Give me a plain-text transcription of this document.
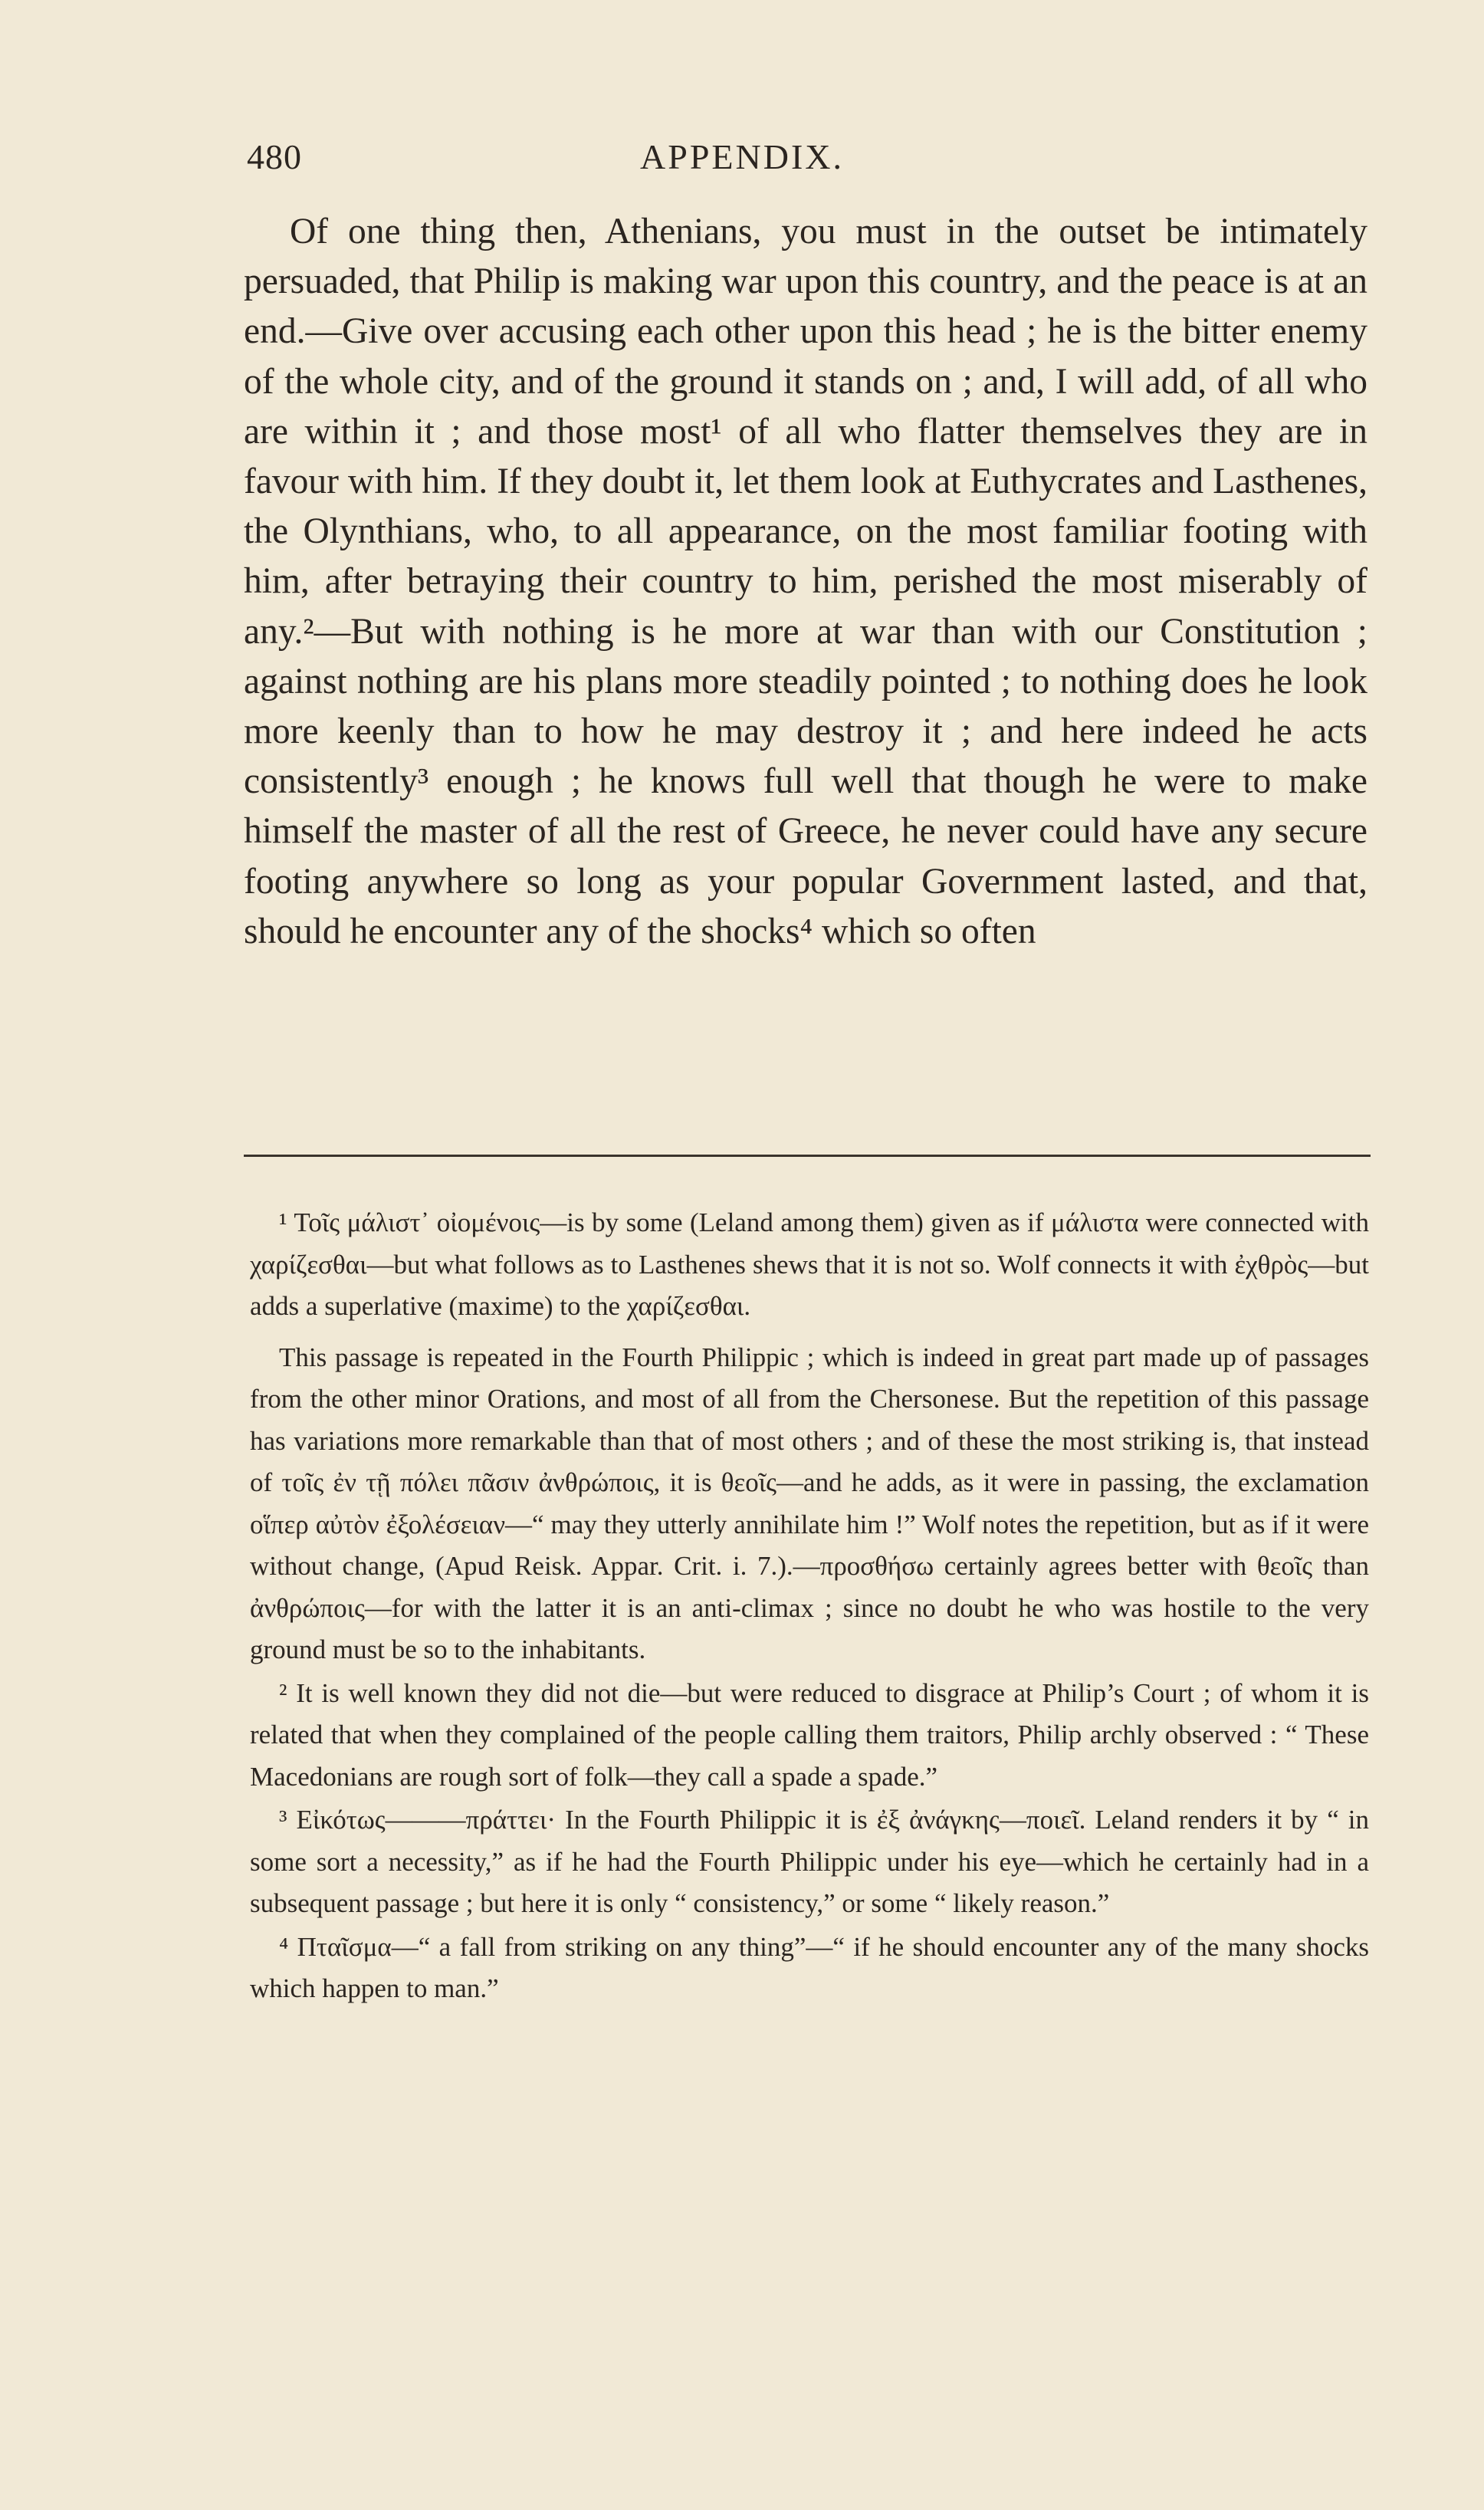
480	APPENDIX.

Of one thing then, Athenians, you must in the outset be intimately persuaded, that Philip is making war upon this country, and the peace is at an end.—Give over accusing each other upon this head ; he is the bitter enemy of the whole city, and of the ground it stands on ; and, I will add, of all who are within it ; and those most¹ of all who flatter themselves they are in favour with him. If they doubt it, let them look at Euthycrates and Lasthenes, the Olynthians, who, to all appearance, on the most familiar footing with him, after betraying their country to him, perished the most miserably of any.²—But with nothing is he more at war than with our Constitution ; against nothing are his plans more steadily pointed ; to nothing does he look more keenly than to how he may destroy it ; and here indeed he acts consistently³ enough ; he knows full well that though he were to make himself the master of all the rest of Greece, he never could have any secure footing anywhere so long as your popular Government lasted, and that, should he encounter any of the shocks⁴ which so often

¹ Τοῖς μάλιστ᾽ οἰομένοις—is by some (Leland among them) given as if μάλιστα were connected with χαρίζεσθαι—but what follows as to Lasthenes shews that it is not so. Wolf connects it with ἐχθρὸς—but adds a superlative (maxime) to the χαρίζεσθαι.

This passage is repeated in the Fourth Philippic ; which is indeed in great part made up of passages from the other minor Orations, and most of all from the Chersonese. But the repetition of this passage has variations more remarkable than that of most others ; and of these the most striking is, that instead of τοῖς ἐν τῇ πόλει πᾶσιν ἀνθρώποις, it is θεοῖς—and he adds, as it were in passing, the exclamation οἵπερ αὐτὸν ἐξολέσειαν—“ may they utterly annihilate him !” Wolf notes the repetition, but as if it were without change, (Apud Reisk. Appar. Crit. i. 7.).—προσθήσω certainly agrees better with θεοῖς than ἀνθρώποις—for with the latter it is an anti-climax ; since no doubt he who was hostile to the very ground must be so to the inhabitants.

² It is well known they did not die—but were reduced to disgrace at Philip’s Court ; of whom it is related that when they complained of the people calling them traitors, Philip archly observed : “ These Macedonians are rough sort of folk—they call a spade a spade.”

³ Εἰκότως———πράττει· In the Fourth Philippic it is ἐξ ἀνάγκης—ποιεῖ. Leland renders it by “ in some sort a necessity,” as if he had the Fourth Philippic under his eye—which he certainly had in a subsequent passage ; but here it is only “ consistency,” or some “ likely reason.”

⁴ Πταῖσμα—“ a fall from striking on any thing”—“ if he should encounter any of the many shocks which happen to man.”
